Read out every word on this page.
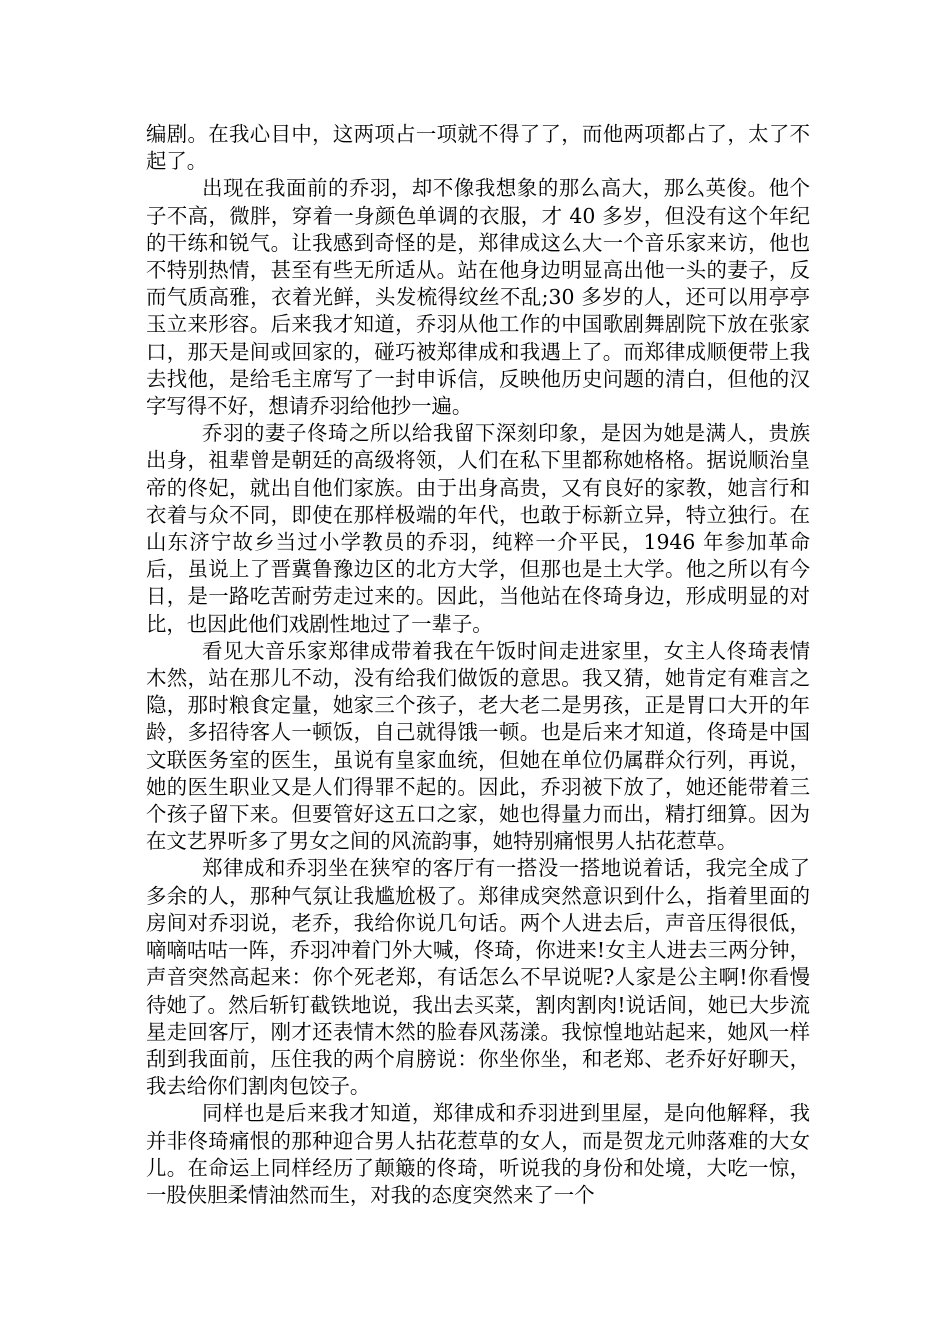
编剧。在我心目中，这两项占一项就不得了了，而他两项都占了，太了不起了。

出现在我面前的乔羽，却不像我想象的那么高大，那么英俊。他个子不高，微胖，穿着一身颜色单调的衣服，才 40 多岁，但没有这个年纪的干练和锐气。让我感到奇怪的是，郑律成这么大一个音乐家来访，他也不特别热情，甚至有些无所适从。站在他身边明显高出他一头的妻子，反而气质高雅，衣着光鲜，头发梳得纹丝不乱;30 多岁的人，还可以用亭亭玉立来形容。后来我才知道，乔羽从他工作的中国歌剧舞剧院下放在张家口，那天是间或回家的，碰巧被郑律成和我遇上了。而郑律成顺便带上我去找他，是给毛主席写了一封申诉信，反映他历史问题的清白，但他的汉字写得不好，想请乔羽给他抄一遍。

乔羽的妻子佟琦之所以给我留下深刻印象，是因为她是满人，贵族出身，祖辈曾是朝廷的高级将领，人们在私下里都称她格格。据说顺治皇帝的佟妃，就出自他们家族。由于出身高贵，又有良好的家教，她言行和衣着与众不同，即使在那样极端的年代，也敢于标新立异，特立独行。在山东济宁故乡当过小学教员的乔羽，纯粹一介平民，1946 年参加革命后，虽说上了晋冀鲁豫边区的北方大学，但那也是土大学。他之所以有今日，是一路吃苦耐劳走过来的。因此，当他站在佟琦身边，形成明显的对比，也因此他们戏剧性地过了一辈子。

看见大音乐家郑律成带着我在午饭时间走进家里，女主人佟琦表情木然，站在那儿不动，没有给我们做饭的意思。我又猜，她肯定有难言之隐，那时粮食定量，她家三个孩子，老大老二是男孩，正是胃口大开的年龄，多招待客人一顿饭，自己就得饿一顿。也是后来才知道，佟琦是中国文联医务室的医生，虽说有皇家血统，但她在单位仍属群众行列，再说，她的医生职业又是人们得罪不起的。因此，乔羽被下放了，她还能带着三个孩子留下来。但要管好这五口之家，她也得量力而出，精打细算。因为在文艺界听多了男女之间的风流韵事，她特别痛恨男人拈花惹草。

郑律成和乔羽坐在狭窄的客厅有一搭没一搭地说着话，我完全成了多余的人，那种气氛让我尴尬极了。郑律成突然意识到什么，指着里面的房间对乔羽说，老乔，我给你说几句话。两个人进去后，声音压得很低，嘀嘀咕咕一阵，乔羽冲着门外大喊，佟琦，你进来!女主人进去三两分钟，声音突然高起来：你个死老郑，有话怎么不早说呢?人家是公主啊!你看慢待她了。然后斩钉截铁地说，我出去买菜，割肉割肉!说话间，她已大步流星走回客厅，刚才还表情木然的脸春风荡漾。我惊惶地站起来，她风一样刮到我面前，压住我的两个肩膀说：你坐你坐，和老郑、老乔好好聊天，我去给你们割肉包饺子。

同样也是后来我才知道，郑律成和乔羽进到里屋，是向他解释，我并非佟琦痛恨的那种迎合男人拈花惹草的女人，而是贺龙元帅落难的大女儿。在命运上同样经历了颠簸的佟琦，听说我的身份和处境，大吃一惊，一股侠胆柔情油然而生，对我的态度突然来了一个
